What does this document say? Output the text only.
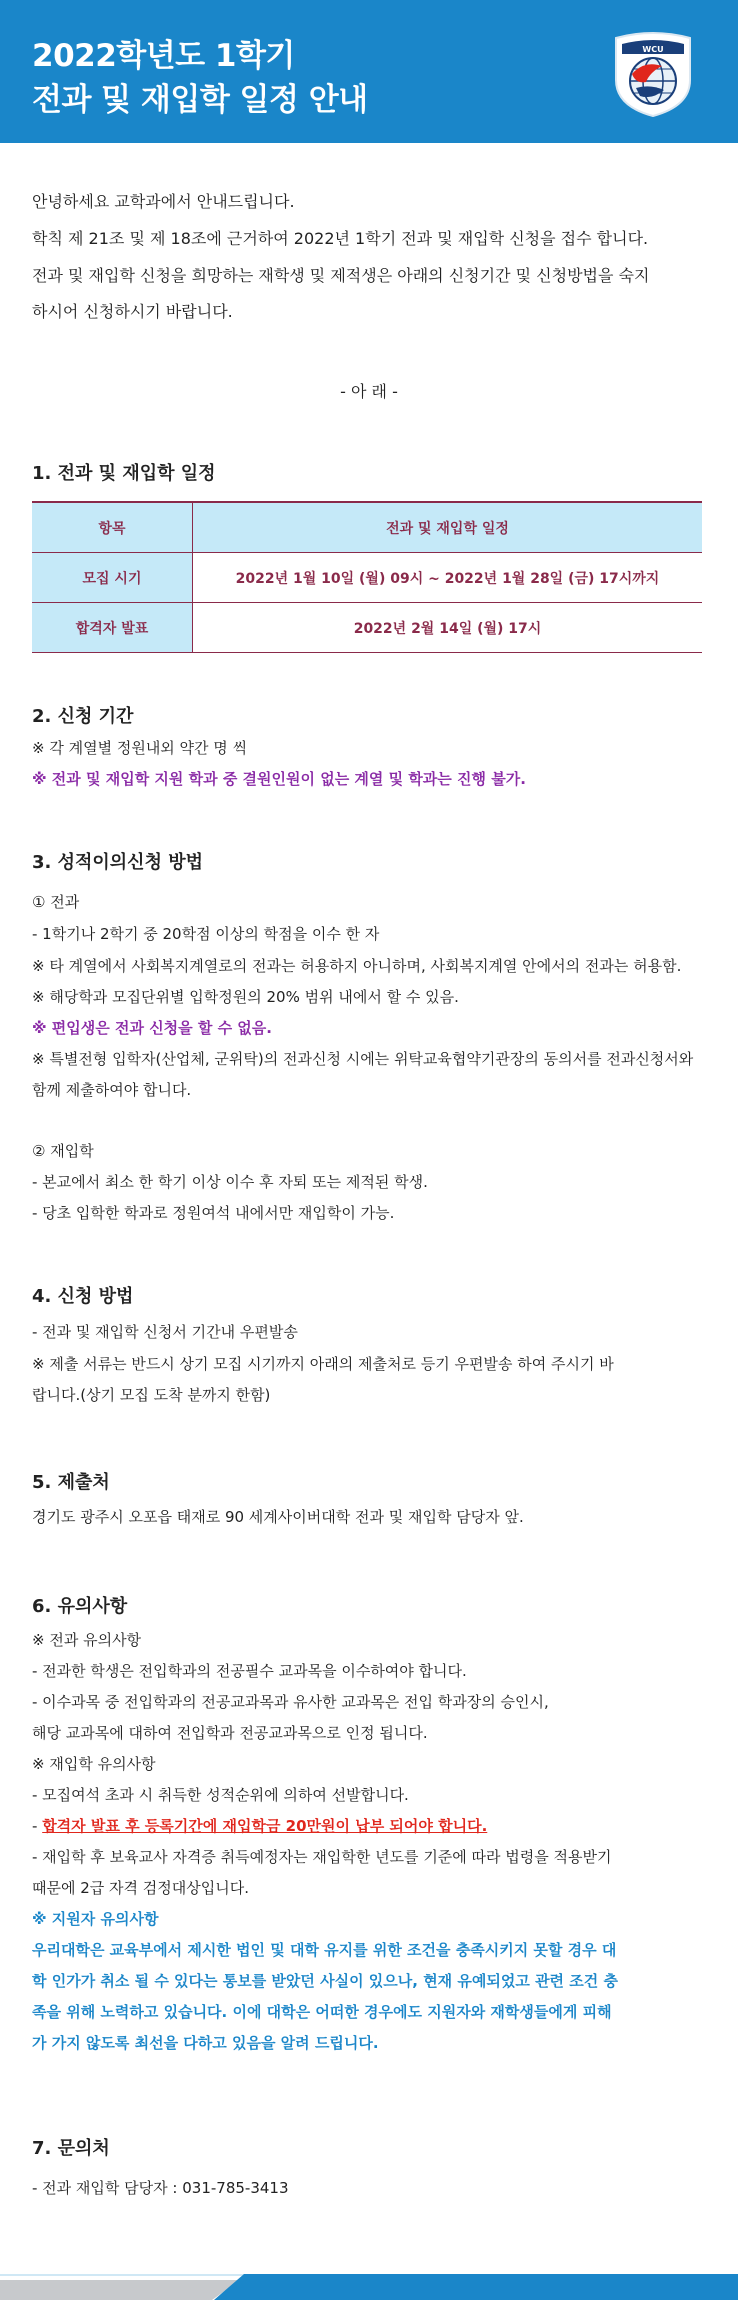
2022학년도 1학기
전과 및 재입학 일정 안내
WCU
안녕하세요 교학과에서 안내드립니다.
학칙 제 21조 및 제 18조에 근거하여 2022년 1학기 전과 및 재입학 신청을 접수 합니다.
전과 및 재입학 신청을 희망하는 재학생 및 제적생은 아래의 신청기간 및 신청방법을 숙지
하시어 신청하시기 바랍니다.
- 아 래 -
1. 전과 및 재입학 일정
항목	전과 및 재입학 일정
모집 시기	2022년 1월 10일 (월) 09시 ~ 2022년 1월 28일 (금) 17시까지
합격자 발표	2022년 2월 14일 (월) 17시
2. 신청 기간
※ 각 계열별 정원내외 약간 명 씩
※ 전과 및 재입학 지원 학과 중 결원인원이 없는 계열 및 학과는 진행 불가.
3. 성적이의신청 방법
① 전과
- 1학기나 2학기 중 20학점 이상의 학점을 이수 한 자
※ 타 계열에서 사회복지계열로의 전과는 허용하지 아니하며, 사회복지계열 안에서의 전과는 허용함.
※ 해당학과 모집단위별 입학정원의 20% 범위 내에서 할 수 있음.
※ 편입생은 전과 신청을 할 수 없음.
※ 특별전형 입학자(산업체, 군위탁)의 전과신청 시에는 위탁교육협약기관장의 동의서를 전과신청서와
함께 제출하여야 합니다.
② 재입학
- 본교에서 최소 한 학기 이상 이수 후 자퇴 또는 제적된 학생.
- 당초 입학한 학과로 정원여석 내에서만 재입학이 가능.
4. 신청 방법
- 전과 및 재입학 신청서 기간내 우편발송
※ 제출 서류는 반드시 상기 모집 시기까지 아래의 제출처로 등기 우편발송 하여 주시기 바
랍니다.(상기 모집 도착 분까지 한함)
5. 제출처
경기도 광주시 오포읍 태재로 90 세계사이버대학 전과 및 재입학 담당자 앞.
6. 유의사항
※ 전과 유의사항
- 전과한 학생은 전입학과의 전공필수 교과목을 이수하여야 합니다.
- 이수과목 중 전입학과의 전공교과목과 유사한 교과목은 전입 학과장의 승인시,
해당 교과목에 대하여 전입학과 전공교과목으로 인정 됩니다.
※ 재입학 유의사항
- 모집여석 초과 시 취득한 성적순위에 의하여 선발합니다.
- 합격자 발표 후 등록기간에 재입학금 20만원이 납부 되어야 합니다.
- 재입학 후 보육교사 자격증 취득예정자는 재입학한 년도를 기준에 따라 법령을 적용받기
때문에 2급 자격 검정대상입니다.
※ 지원자 유의사항
우리대학은 교육부에서 제시한 법인 및 대학 유지를 위한 조건을 충족시키지 못할 경우 대
학 인가가 취소 될 수 있다는 통보를 받았던 사실이 있으나, 현재 유예되었고 관련 조건 충
족을 위해 노력하고 있습니다. 이에 대학은 어떠한 경우에도 지원자와 재학생들에게 피해
가 가지 않도록 최선을 다하고 있음을 알려 드립니다.
7. 문의처
- 전과 재입학 담당자 : 031-785-3413
